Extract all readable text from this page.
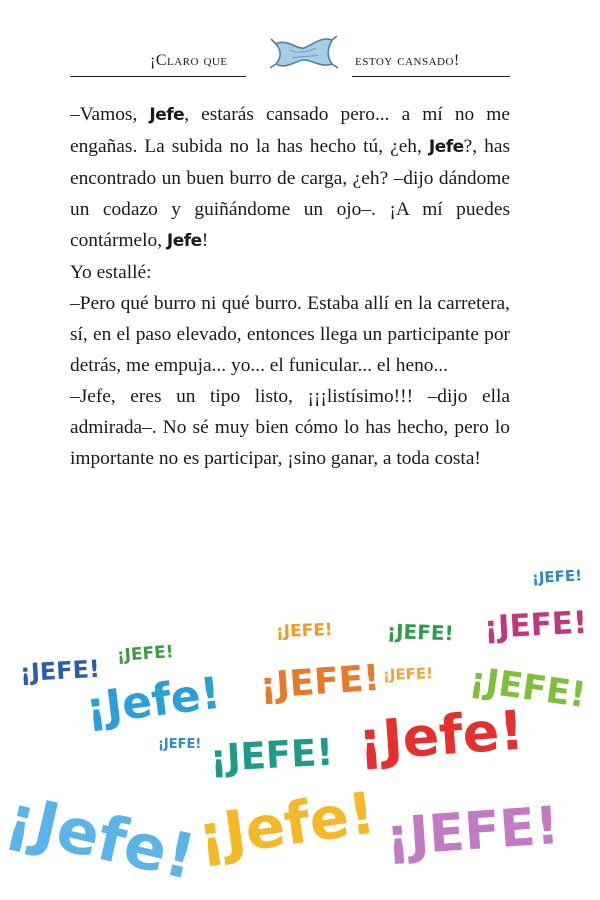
¡Claro que	estoy cansado!

–Vamos, Jefe, estarás cansado pero... a mí no me engañas. La subida no la has hecho tú, ¿eh, Jefe?, has encontrado un buen burro de carga, ¿eh? –dijo dándome un codazo y guiñándome un ojo–. ¡A mí puedes contármelo, Jefe!

Yo estallé:

–Pero qué burro ni qué burro. Estaba allí en la carretera, sí, en el paso elevado, entonces llega un participante por detrás, me empuja... yo... el funicular... el heno...

–Jefe, eres un tipo listo, ¡¡¡listísimo!!! –dijo ella admirada–. No sé muy bien cómo lo has hecho, pero lo importante no es participar, ¡sino ganar, a toda costa!

¡JEFE!
¡JEFE!	¡JEFE! ¡JEFE!
¡JEFE!
¡JEFE!
¡JEFE! ¡JEFE! ¡JEFE!
¡Jefe!
¡JEFE! ¡JEFE! ¡Jefe!
¡Jefe!
¡Jefe! ¡JEFE!
